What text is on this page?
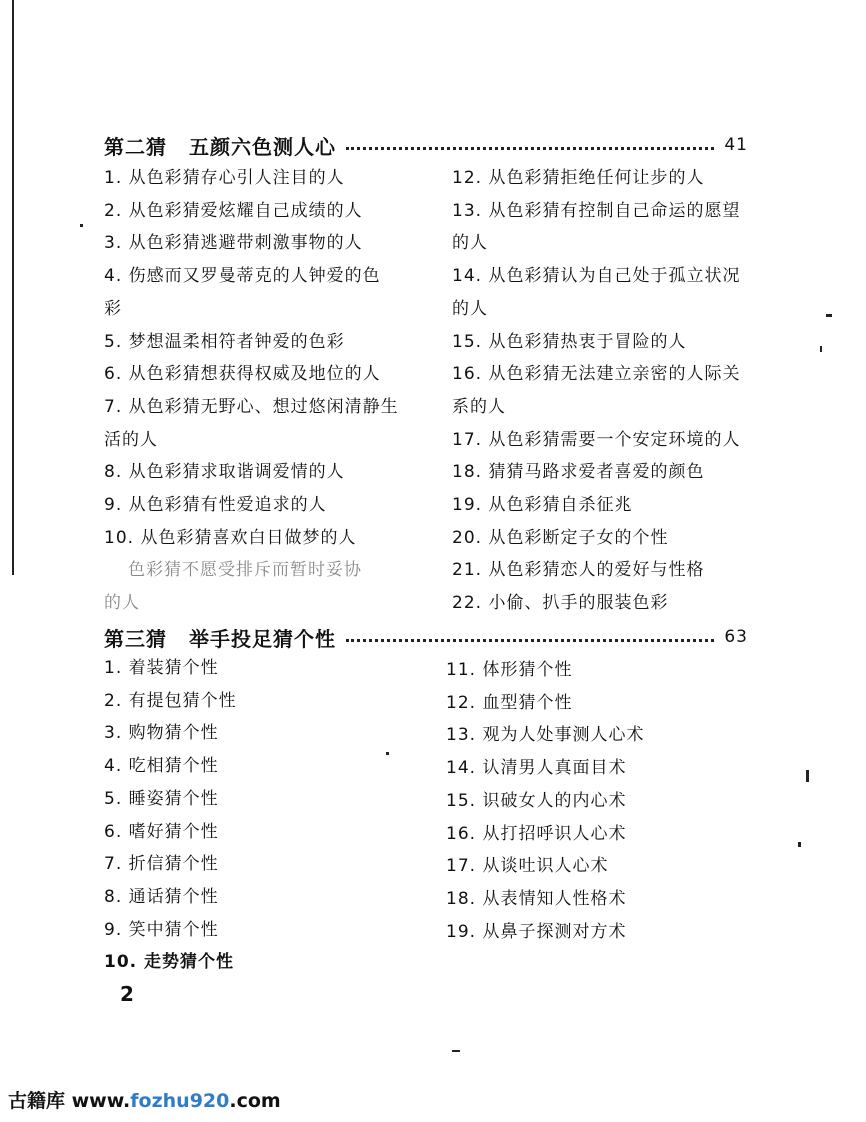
第二猜 五颜六色测人心	41
1. 从色彩猜存心引人注目的人
2. 从色彩猜爱炫耀自己成绩的人
3. 从色彩猜逃避带刺激事物的人
4. 伤感而又罗曼蒂克的人钟爱的色
彩
5. 梦想温柔相符者钟爱的色彩
6. 从色彩猜想获得权威及地位的人
7. 从色彩猜无野心、想过悠闲清静生
活的人
8. 从色彩猜求取谐调爱情的人
9. 从色彩猜有性爱追求的人
10. 从色彩猜喜欢白日做梦的人
色彩猜不愿受排斥而暂时妥协
的人
12. 从色彩猜拒绝任何让步的人
13. 从色彩猜有控制自己命运的愿望
的人
14. 从色彩猜认为自己处于孤立状况
的人
15. 从色彩猜热衷于冒险的人
16. 从色彩猜无法建立亲密的人际关
系的人
17. 从色彩猜需要一个安定环境的人
18. 猜猜马路求爱者喜爱的颜色
19. 从色彩猜自杀征兆
20. 从色彩断定子女的个性
21. 从色彩猜恋人的爱好与性格
22. 小偷、扒手的服装色彩
第三猜 举手投足猜个性	63
1. 着装猜个性
2. 有提包猜个性
3. 购物猜个性
4. 吃相猜个性
5. 睡姿猜个性
6. 嗜好猜个性
7. 折信猜个性
8. 通话猜个性
9. 笑中猜个性
10. 走势猜个性
11. 体形猜个性
12. 血型猜个性
13. 观为人处事测人心术
14. 认清男人真面目术
15. 识破女人的内心术
16. 从打招呼识人心术
17. 从谈吐识人心术
18. 从表情知人性格术
19. 从鼻子探测对方术
2
古籍库 www.fozhu920.com
